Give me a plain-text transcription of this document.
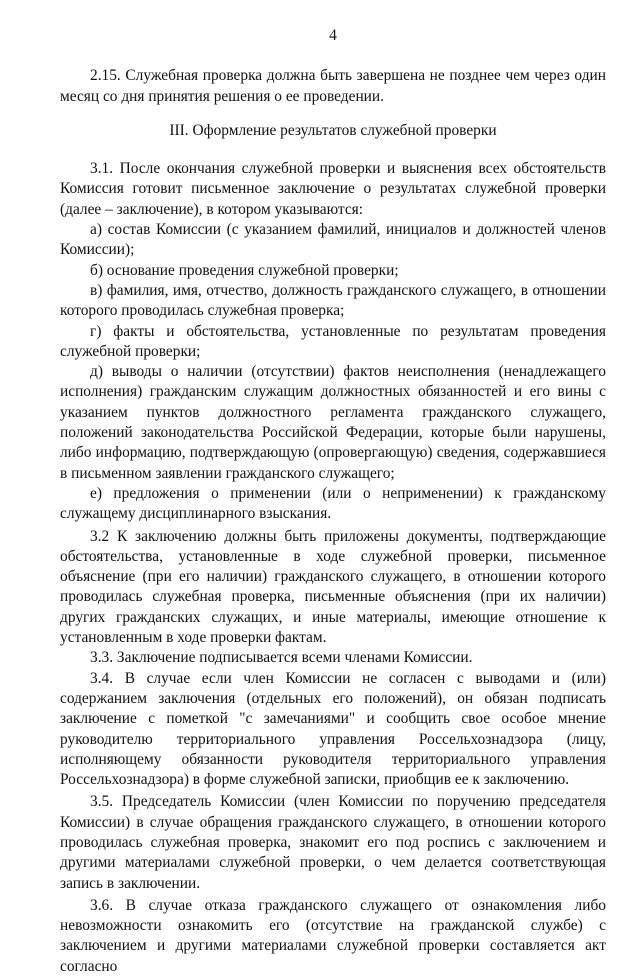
4

2.15. Служебная проверка должна быть завершена не позднее чем через один месяц со дня принятия решения о ее проведении.

III. Оформление результатов служебной проверки

3.1. После окончания служебной проверки и выяснения всех обстоятельств Комиссия готовит письменное заключение о результатах служебной проверки (далее – заключение), в котором указываются:

а) состав Комиссии (с указанием фамилий, инициалов и должностей членов Комиссии);

б) основание проведения служебной проверки;

в) фамилия, имя, отчество, должность гражданского служащего, в отношении которого проводилась служебная проверка;

г) факты и обстоятельства, установленные по результатам проведения служебной проверки;

д) выводы о наличии (отсутствии) фактов неисполнения (ненадлежащего исполнения) гражданским служащим должностных обязанностей и его вины с указанием пунктов должностного регламента гражданского служащего, положений законодательства Российской Федерации, которые были нарушены, либо информацию, подтверждающую (опровергающую) сведения, содержавшиеся в письменном заявлении гражданского служащего;

е) предложения о применении (или о неприменении) к гражданскому служащему дисциплинарного взыскания.

3.2 К заключению должны быть приложены документы, подтверждающие обстоятельства, установленные в ходе служебной проверки, письменное объяснение (при его наличии) гражданского служащего, в отношении которого проводилась служебная проверка, письменные объяснения (при их наличии) других гражданских служащих, и иные материалы, имеющие отношение к установленным в ходе проверки фактам.

3.3. Заключение подписывается всеми членами Комиссии.

3.4. В случае если член Комиссии не согласен с выводами и (или) содержанием заключения (отдельных его положений), он обязан подписать заключение с пометкой "с замечаниями" и сообщить свое особое мнение руководителю территориального управления Россельхознадзора (лицу, исполняющему обязанности руководителя территориального управления Россельхознадзора) в форме служебной записки, приобщив ее к заключению.

3.5. Председатель Комиссии (член Комиссии по поручению председателя Комиссии) в случае обращения гражданского служащего, в отношении которого проводилась служебная проверка, знакомит его под роспись с заключением и другими материалами служебной проверки, о чем делается соответствующая запись в заключении.

3.6. В случае отказа гражданского служащего от ознакомления либо невозможности ознакомить его (отсутствие на гражданской службе) с заключением и другими материалами служебной проверки составляется акт согласно
